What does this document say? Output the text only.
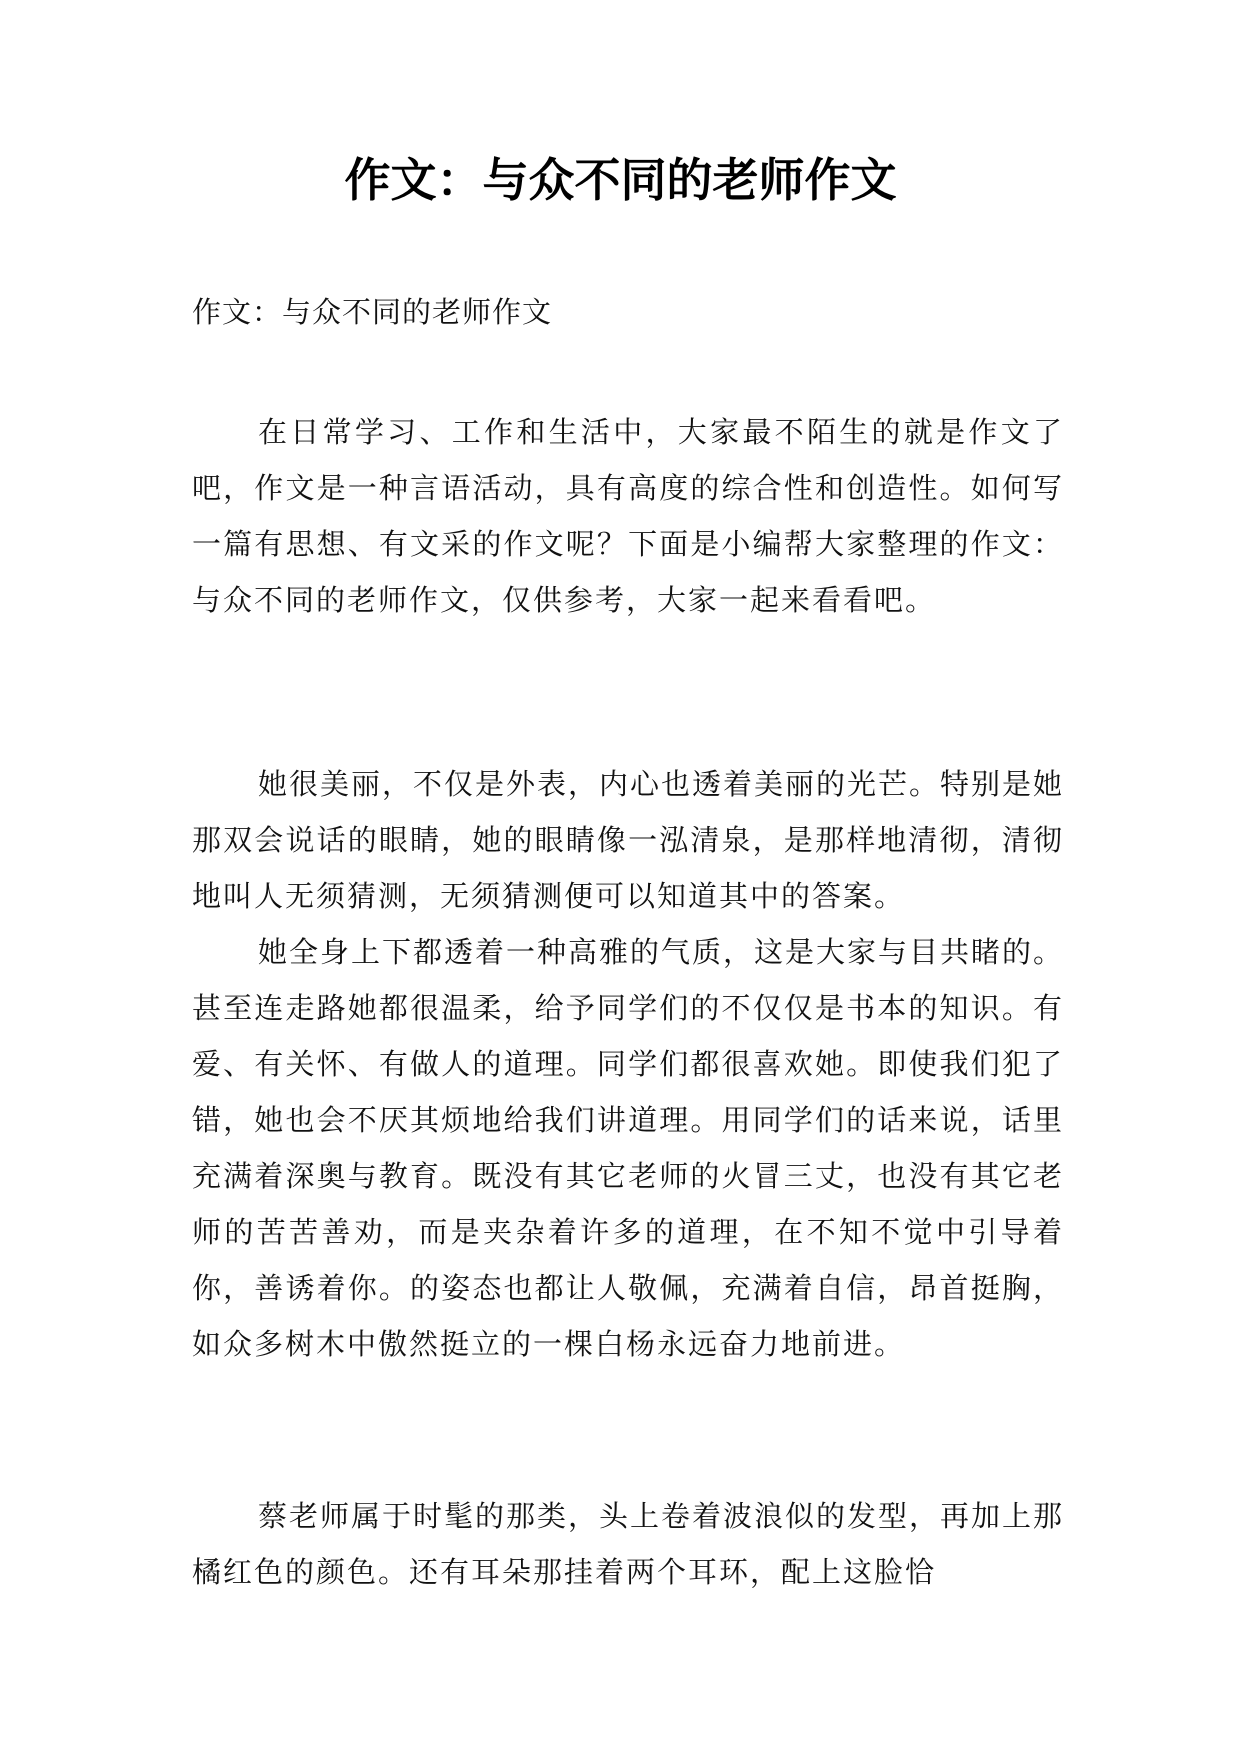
作文：与众不同的老师作文

作文：与众不同的老师作文

在日常学习、工作和生活中，大家最不陌生的就是作文了吧，作文是一种言语活动，具有高度的综合性和创造性。如何写一篇有思想、有文采的作文呢？下面是小编帮大家整理的作文：与众不同的老师作文，仅供参考，大家一起来看看吧。

她很美丽，不仅是外表，内心也透着美丽的光芒。特别是她那双会说话的眼睛，她的眼睛像一泓清泉，是那样地清彻，清彻地叫人无须猜测，无须猜测便可以知道其中的答案。

她全身上下都透着一种高雅的气质，这是大家与目共睹的。甚至连走路她都很温柔，给予同学们的不仅仅是书本的知识。有爱、有关怀、有做人的道理。同学们都很喜欢她。即使我们犯了错，她也会不厌其烦地给我们讲道理。用同学们的话来说，话里充满着深奥与教育。既没有其它老师的火冒三丈，也没有其它老师的苦苦善劝，而是夹杂着许多的道理，在不知不觉中引导着你，善诱着你。的姿态也都让人敬佩，充满着自信，昂首挺胸，如众多树木中傲然挺立的一棵白杨永远奋力地前进。

蔡老师属于时髦的那类，头上卷着波浪似的发型，再加上那橘红色的颜色。还有耳朵那挂着两个耳环，配上这脸恰
